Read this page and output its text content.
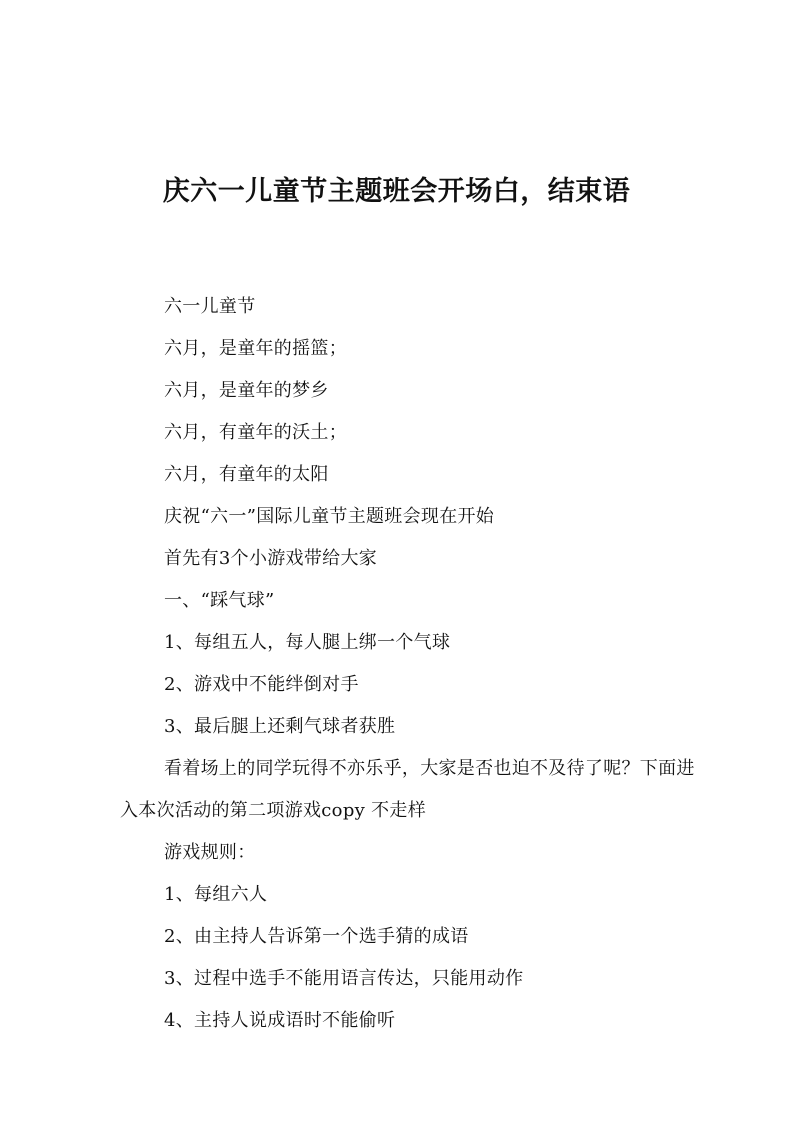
庆六一儿童节主题班会开场白，结束语
六一儿童节
六月，是童年的摇篮；
六月，是童年的梦乡
六月，有童年的沃土；
六月，有童年的太阳
庆祝“六一”国际儿童节主题班会现在开始
首先有3个小游戏带给大家
一、“踩气球”
1、每组五人，每人腿上绑一个气球
2、游戏中不能绊倒对手
3、最后腿上还剩气球者获胜
看着场上的同学玩得不亦乐乎，大家是否也迫不及待了呢？下面进入本次活动的第二项游戏copy 不走样
游戏规则：
1、每组六人
2、由主持人告诉第一个选手猜的成语
3、过程中选手不能用语言传达，只能用动作
4、主持人说成语时不能偷听
